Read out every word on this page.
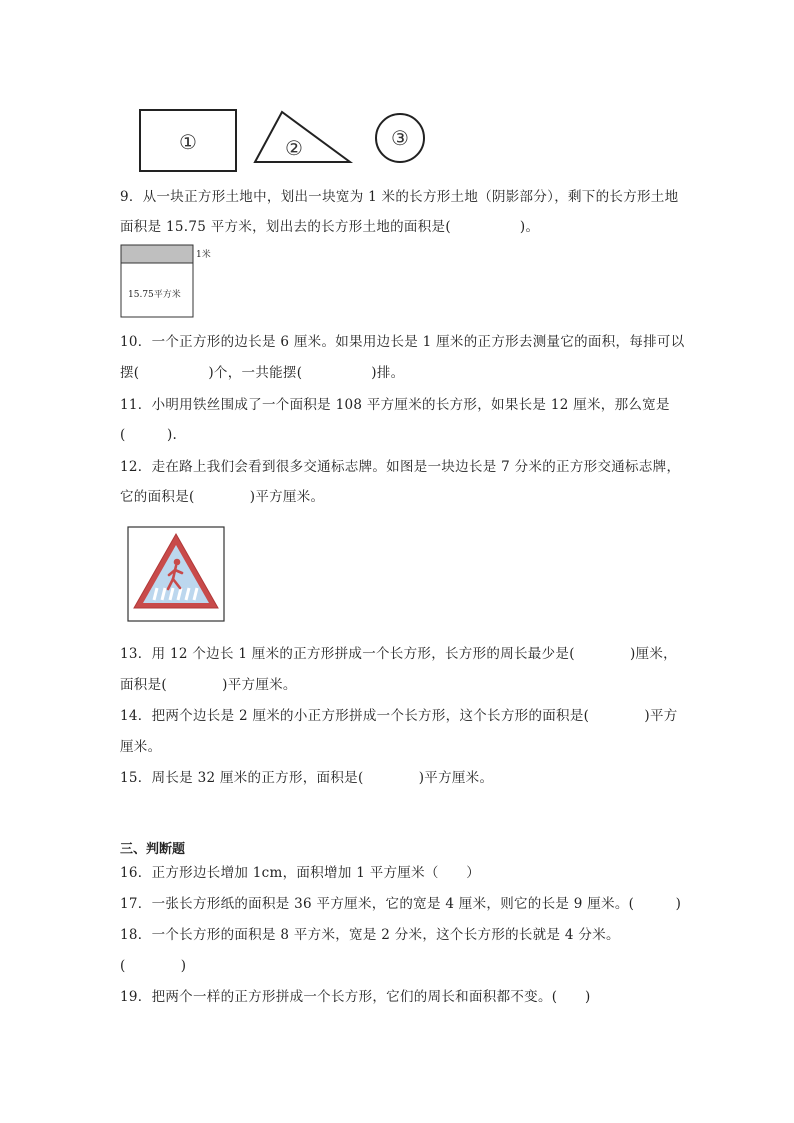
①	②	③
9．从一块正方形土地中，划出一块宽为 1 米的长方形土地（阴影部分），剩下的长方形土地
面积是 15.75 平方米，划出去的长方形土地的面积是(　　　　　)。
1米
15.75平方米
10．一个正方形的边长是 6 厘米。如果用边长是 1 厘米的正方形去测量它的面积，每排可以
摆(　　　　　)个，一共能摆(　　　　　)排。
11．小明用铁丝围成了一个面积是 108 平方厘米的长方形，如果长是 12 厘米，那么宽是
(　　　).
12．走在路上我们会看到很多交通标志牌。如图是一块边长是 7 分米的正方形交通标志牌，
它的面积是(　　　　)平方厘米。
13．用 12 个边长 1 厘米的正方形拼成一个长方形，长方形的周长最少是(　　　　)厘米，
面积是(　　　　)平方厘米。
14．把两个边长是 2 厘米的小正方形拼成一个长方形，这个长方形的面积是(　　　　)平方
厘米。
15．周长是 32 厘米的正方形，面积是(　　　　)平方厘米。
三、判断题
16．正方形边长增加 1cm，面积增加 1 平方厘米（　　）
17．一张长方形纸的面积是 36 平方厘米，它的宽是 4 厘米，则它的长是 9 厘米。(　　　)
18．一个长方形的面积是 8 平方米，宽是 2 分米，这个长方形的长就是 4 分米。
(　　　　)
19．把两个一样的正方形拼成一个长方形，它们的周长和面积都不变。(　　)
